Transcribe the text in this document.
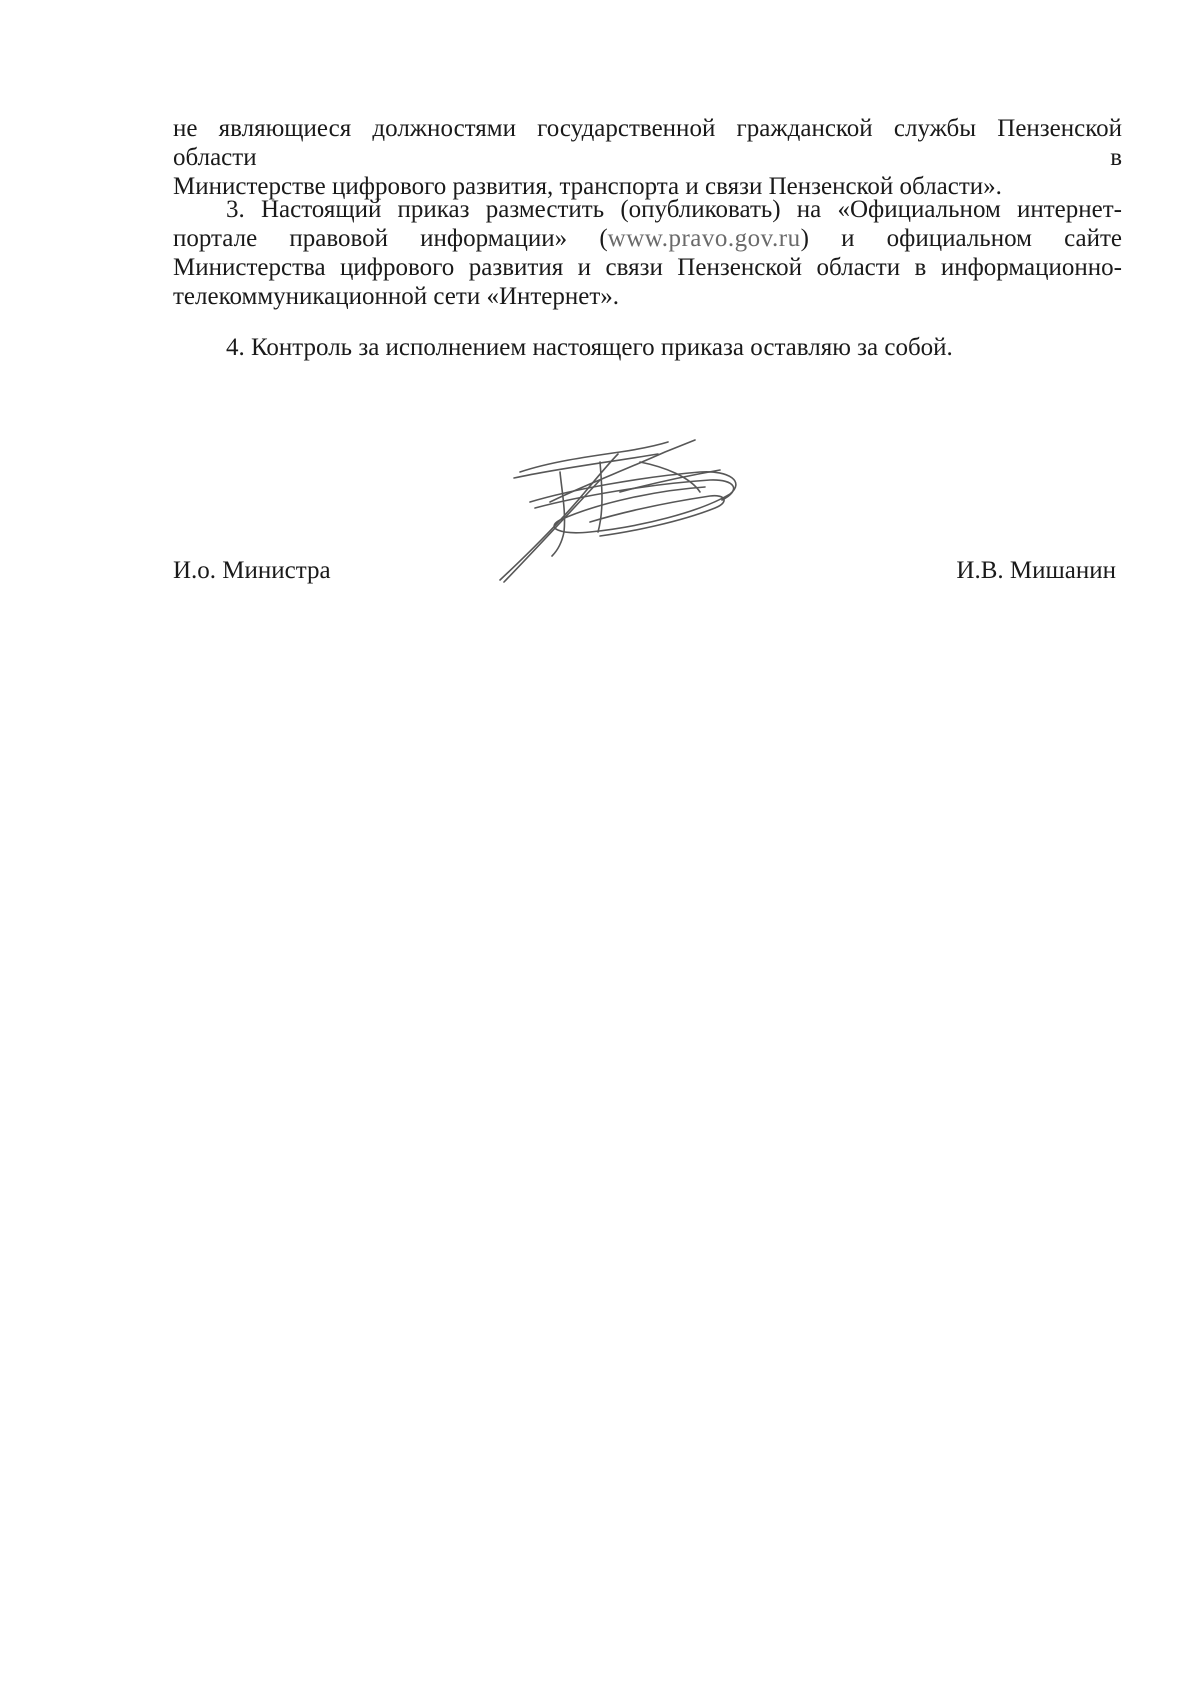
не являющиеся должностями государственной гражданской службы Пензенской области в
Министерстве цифрового развития, транспорта и связи Пензенской области».
3. Настоящий приказ разместить (опубликовать) на «Официальном интернет-портале правовой информации» (www.pravo.gov.ru) и официальном сайте Министерства цифрового развития и связи Пензенской области в информационно-телекоммуникационной сети «Интернет».
4. Контроль за исполнением настоящего приказа оставляю за собой.
И.о. Министра	И.В. Мишанин
